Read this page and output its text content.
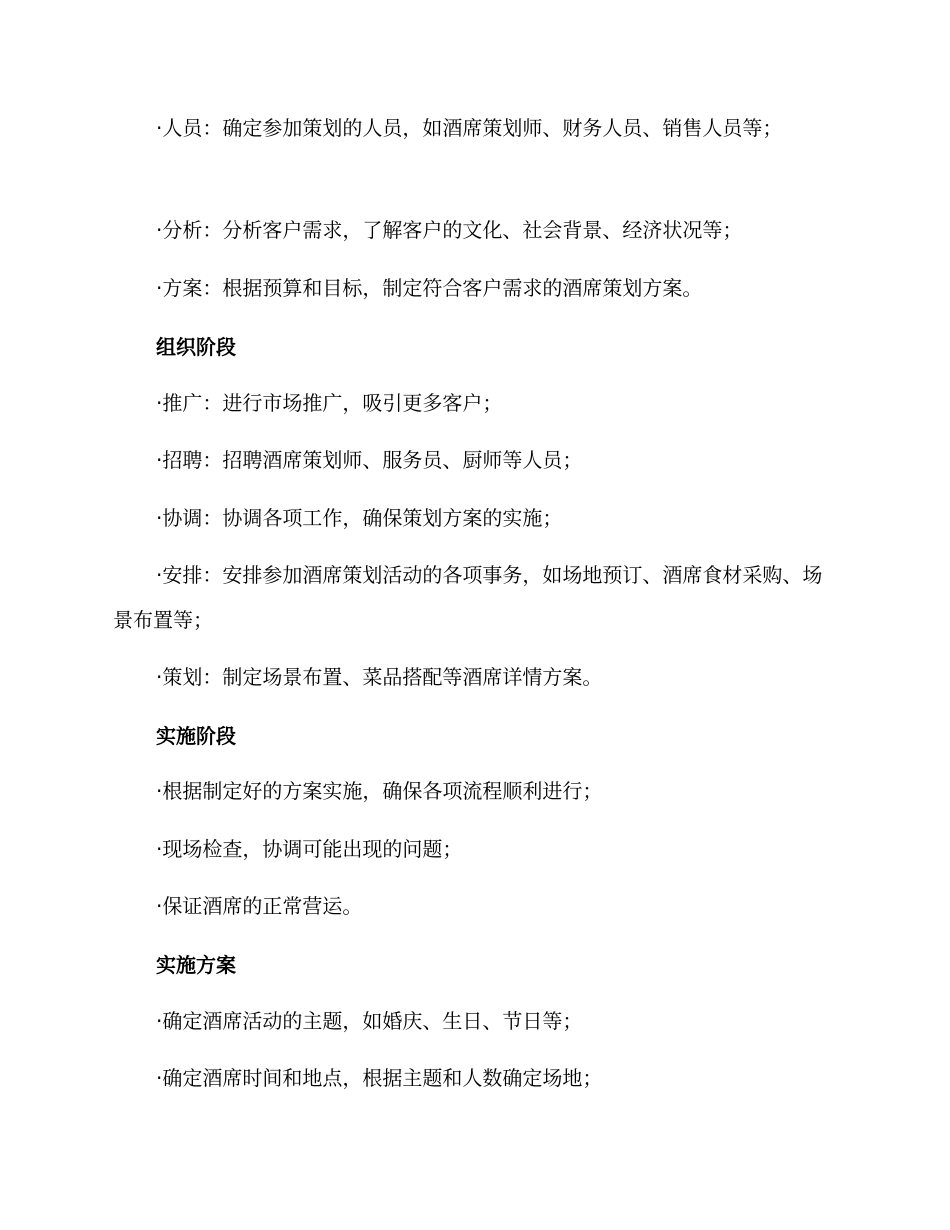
·人员：确定参加策划的人员，如酒席策划师、财务人员、销售人员等；

·分析：分析客户需求，了解客户的文化、社会背景、经济状况等；

·方案：根据预算和目标，制定符合客户需求的酒席策划方案。

组织阶段

·推广：进行市场推广，吸引更多客户；

·招聘：招聘酒席策划师、服务员、厨师等人员；

·协调：协调各项工作，确保策划方案的实施；

·安排：安排参加酒席策划活动的各项事务，如场地预订、酒席食材采购、场景布置等；

·策划：制定场景布置、菜品搭配等酒席详情方案。

实施阶段

·根据制定好的方案实施，确保各项流程顺利进行；

·现场检查，协调可能出现的问题；

·保证酒席的正常营运。

实施方案

·确定酒席活动的主题，如婚庆、生日、节日等；

·确定酒席时间和地点，根据主题和人数确定场地；
